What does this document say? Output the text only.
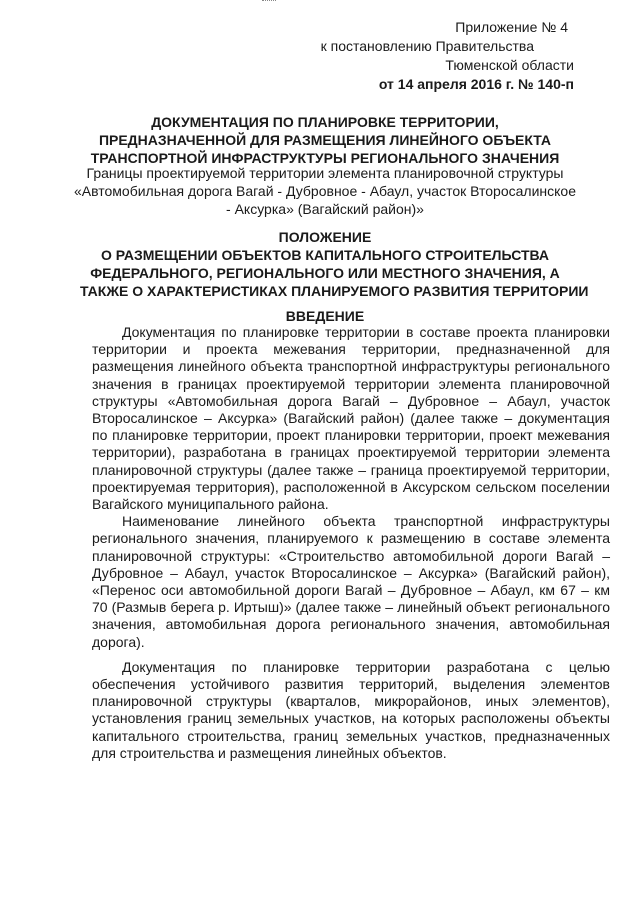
Приложение № 4
к постановлению Правительства
Тюменской области
от 14 апреля 2016 г. № 140-п
ДОКУМЕНТАЦИЯ ПО ПЛАНИРОВКЕ ТЕРРИТОРИИ, ПРЕДНАЗНАЧЕННОЙ ДЛЯ РАЗМЕЩЕНИЯ ЛИНЕЙНОГО ОБЪЕКТА ТРАНСПОРТНОЙ ИНФРАСТРУКТУРЫ РЕГИОНАЛЬНОГО ЗНАЧЕНИЯ
Границы проектируемой территории элемента планировочной структуры «Автомобильная дорога Вагай - Дубровное - Абаул, участок Второсалинское - Аксурка» (Вагайский район)»
ПОЛОЖЕНИЕ
О РАЗМЕЩЕНИИ ОБЪЕКТОВ КАПИТАЛЬНОГО СТРОИТЕЛЬСТВА
ФЕДЕРАЛЬНОГО, РЕГИОНАЛЬНОГО ИЛИ МЕСТНОГО ЗНАЧЕНИЯ, А
ТАКЖЕ О ХАРАКТЕРИСТИКАХ ПЛАНИРУЕМОГО РАЗВИТИЯ ТЕРРИТОРИИ
ВВЕДЕНИЕ

Документация по планировке территории в составе проекта планировки территории и проекта межевания территории, предназначенной для размещения линейного объекта транспортной инфраструктуры регионального значения в границах проектируемой территории элемента планировочной структуры «Автомобильная дорога Вагай – Дубровное – Абаул, участок Второсалинское – Аксурка» (Вагайский район) (далее также – документация по планировке территории, проект планировки территории, проект межевания территории), разработана в границах проектируемой территории элемента планировочной структуры (далее также – граница проектируемой территории, проектируемая территория), расположенной в Аксурском сельском поселении Вагайского муниципального района.

Наименование линейного объекта транспортной инфраструктуры регионального значения, планируемого к размещению в составе элемента планировочной структуры: «Строительство автомобильной дороги Вагай – Дубровное – Абаул, участок Второсалинское – Аксурка» (Вагайский район), «Перенос оси автомобильной дороги Вагай – Дубровное – Абаул, км 67 – км 70 (Размыв берега р. Иртыш)» (далее также – линейный объект регионального значения, автомобильная дорога регионального значения, автомобильная дорога).

Документация по планировке территории разработана с целью обеспечения устойчивого развития территорий, выделения элементов планировочной структуры (кварталов, микрорайонов, иных элементов), установления границ земельных участков, на которых расположены объекты капитального строительства, границ земельных участков, предназначенных для строительства и размещения линейных объектов.
